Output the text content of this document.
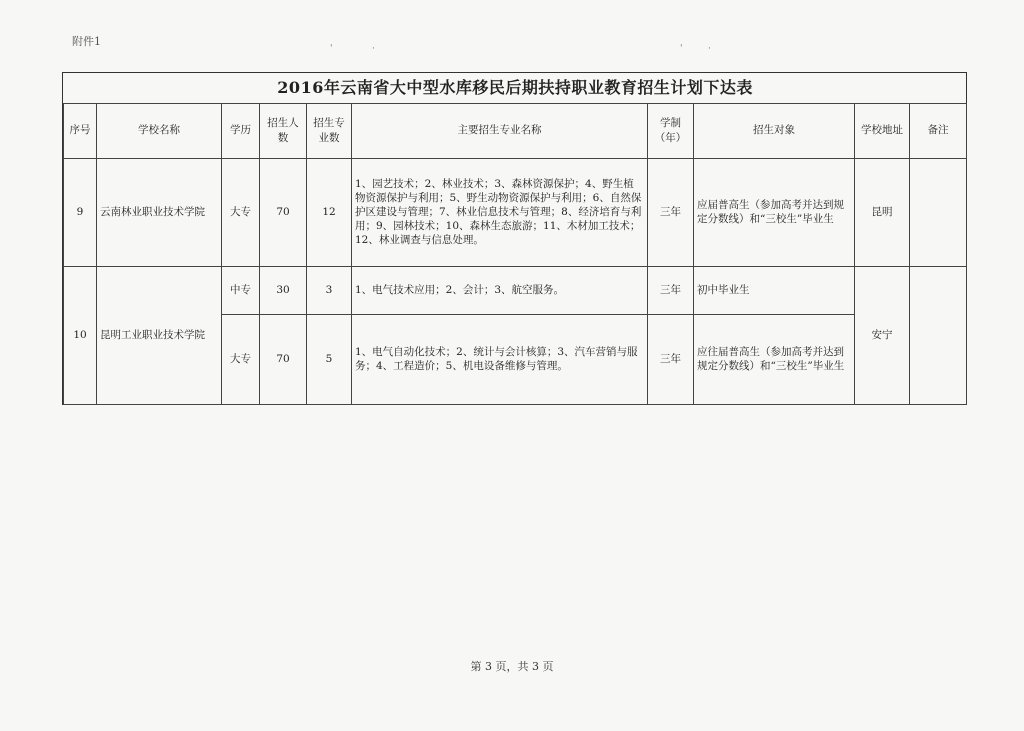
附件1
'	·	'	·
2016年云南省大中型水库移民后期扶持职业教育招生计划下达表									
序号	学校名称	学历	招生人数	招生专业数	主要招生专业名称	学制（年）	招生对象	学校地址	备注
9	云南林业职业技术学院	大专	70	12	1、园艺技术；2、林业技术；3、森林资源保护；4、野生植物资源保护与利用；5、野生动物资源保护与利用；6、自然保护区建设与管理；7、林业信息技术与管理；8、经济培育与利用；9、园林技术；10、森林生态旅游；11、木材加工技术；12、林业调查与信息处理。	三年	应届普高生（参加高考并达到规定分数线）和“三校生”毕业生	昆明	
10	昆明工业职业技术学院	中专	30	3	1、电气技术应用；2、会计；3、航空服务。	三年	初中毕业生	安宁	
		大专	70	5	1、电气自动化技术；2、统计与会计核算；3、汽车营销与服务；4、工程造价；5、机电设备维修与管理。	三年	应往届普高生（参加高考并达到规定分数线）和“三校生”毕业生		
第 3 页，共 3 页
